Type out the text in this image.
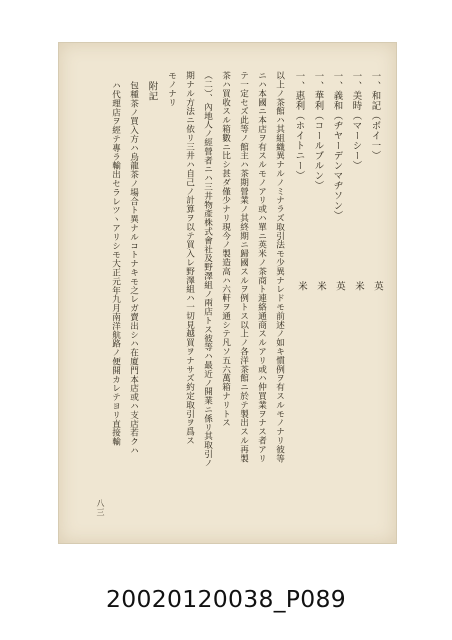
一、和記（ボイ一）
一、美時（マーシー）
一、義和（ヂヤーデンマヂソン）
一、華利（コールブルン）
一、惠利（ホイトニー）
以上ノ茶館ハ其組織異ナルノミナラズ取引法モ少異ナレドモ前述ノ如キ慣例ヲ有スルモノナリ彼等
ニハ本國ニ本店ヲ有スルモノアリ或ハ單ニ英米ノ茶商ト連絡通商スルアリ或ハ仲買業ヲナス者アリ
テ一定セズ此等ノ館主ハ茶期營業ノ其終期ニ歸國スルヲ例トス以上ノ各洋茶館ニ於テ製出スル再製
茶ハ買收スル箱數ニ比シ甚ダ僅少ナリ現今ノ製造高ハ六軒ヲ通シテ凡ソ五六萬箱ナリトス
（二）、內地人ノ經營者ニハ三井物產株式會社及野澤組ノ兩店トス彼等ハ最近ノ開業ニ係リ其取引ノ
期ナル方法ニ依リ三井ハ自己ノ計算ヲ以テ買入レ野澤組ハ一切見越買ヲナサズ約定取引ヲ爲ス
モノナリ
附記
包種茶ノ買入方ハ烏龍茶ノ場合ト異ナルコトナキモ之レガ賣出シハ在廈門本店或ハ支店若クハ
ハ代理店ヲ經テ專ラ輸出セラレツヽアリシモ大正元年九月南洋航路ノ便開カレテヨリ直接輸	英
米
英
米
米
八三
20020120038_P089
